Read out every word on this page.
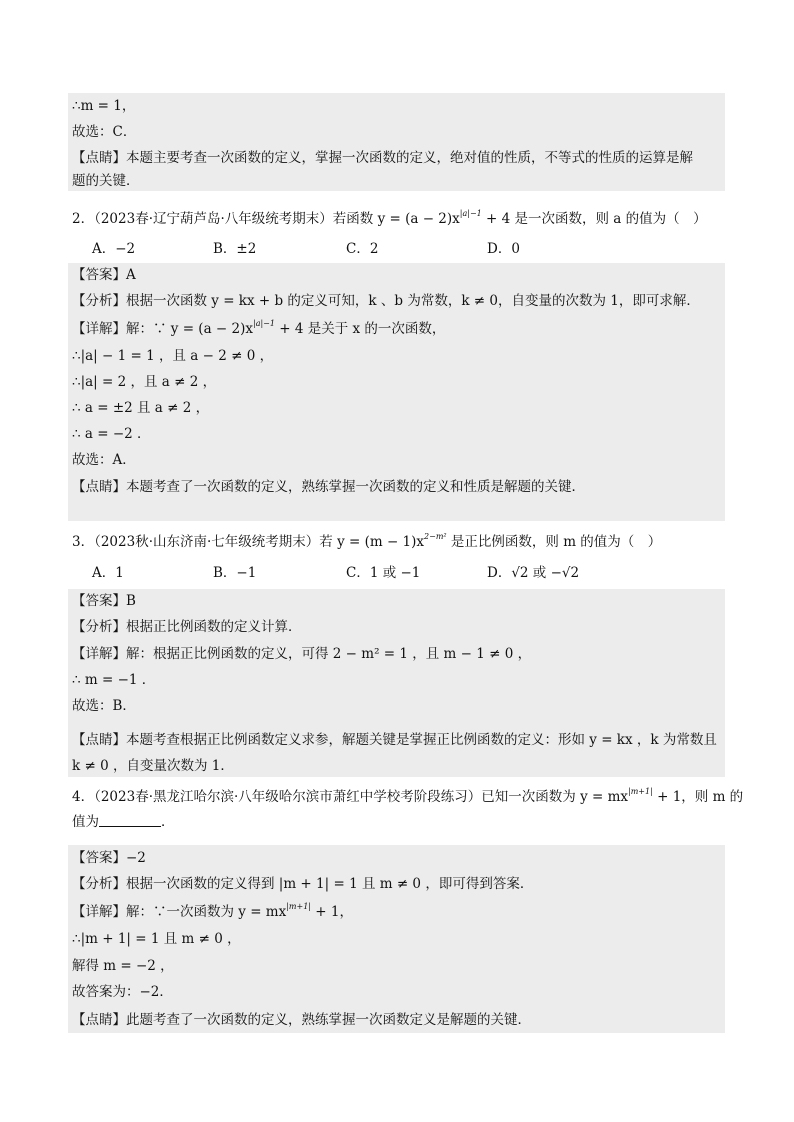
∴m = 1，
故选：C．
【点睛】本题主要考查一次函数的定义，掌握一次函数的定义，绝对值的性质，不等式的性质的运算是解
题的关键．
2．（2023春·辽宁葫芦岛·八年级统考期末）若函数 $y = (a - 2)x^{|a|-1} + 4$ 是一次函数，则 a 的值为（　）
A．−2	B．±2	C．2	D．0
【答案】A
【分析】根据一次函数 y = kx + b 的定义可知，k 、b 为常数，k ≠ 0，自变量的次数为 1，即可求解．
【详解】解：∵ $y = (a - 2)x^{|a|-1} + 4$ 是关于 x 的一次函数，
∴|a| − 1 = 1 ，且 a − 2 ≠ 0 ，
∴|a| = 2 ，且 a ≠ 2 ，
∴ a = ±2 且 a ≠ 2 ，
∴ a = −2 ．
故选：A．
【点睛】本题考查了一次函数的定义，熟练掌握一次函数的定义和性质是解题的关键．
3．（2023秋·山东济南·七年级统考期末）若 $y = (m - 1)x^{2-m^2}$ 是正比例函数，则 m 的值为（　）
A．1	B．−1	C．1 或 −1	D．√2 或 −√2
【答案】B
【分析】根据正比例函数的定义计算．
【详解】解：根据正比例函数的定义，可得 2 − m² = 1 ，且 m − 1 ≠ 0 ，
∴ m = −1 ．
故选：B．
【点睛】本题考查根据正比例函数定义求参，解题关键是掌握正比例函数的定义：形如 y = kx ，k 为常数且
k ≠ 0 ，自变量次数为 1．
4．（2023春·黑龙江哈尔滨·八年级哈尔滨市萧红中学校考阶段练习）已知一次函数为 $y = mx^{|m+1|} + 1$，则 m 的
值为	．
【答案】−2
【分析】根据一次函数的定义得到 |m + 1| = 1 且 m ≠ 0 ，即可得到答案．
【详解】解：∵一次函数为 $y = mx^{|m+1|} + 1$，
∴|m + 1| = 1 且 m ≠ 0 ，
解得 m = −2 ，
故答案为：−2．
【点睛】此题考查了一次函数的定义，熟练掌握一次函数定义是解题的关键．
